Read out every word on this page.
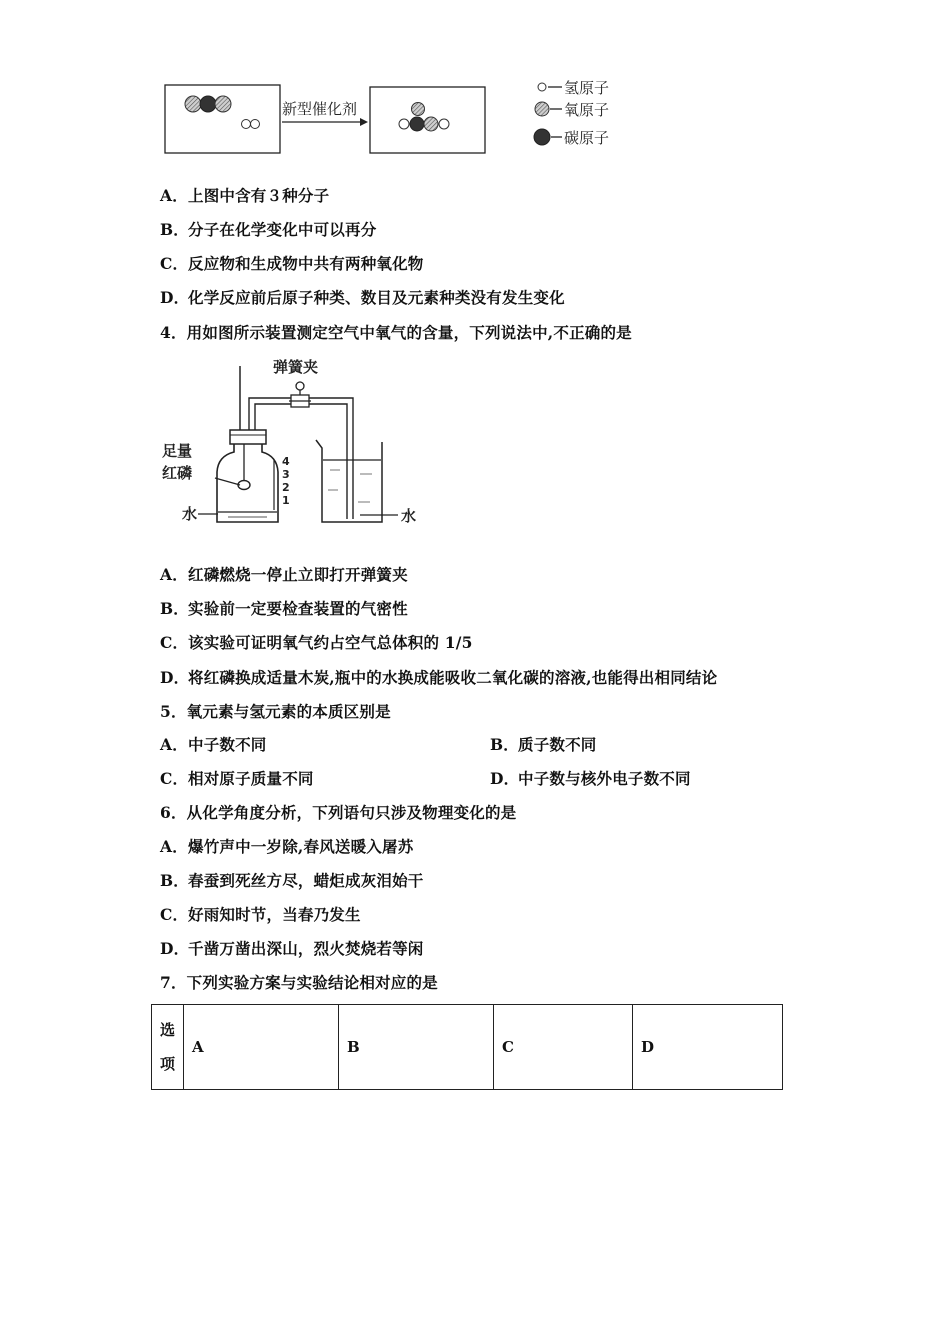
新型催化剂
氢原子
氧原子
碳原子
A．上图中含有３种分子
B．分子在化学变化中可以再分
C．反应物和生成物中共有两种氧化物
D．化学反应前后原子种类、数目及元素种类没有发生变化
4．用如图所示装置测定空气中氧气的含量，下列说法中,不正确的是
弹簧夹
4
3
2
1
足量
红磷
水	水
A．红磷燃烧一停止立即打开弹簧夹
B．实验前一定要检查装置的气密性
C．该实验可证明氧气约占空气总体积的 1/5
D．将红磷换成适量木炭,瓶中的水换成能吸收二氧化碳的溶液,也能得出相同结论
5．氧元素与氢元素的本质区别是
A．中子数不同	B．质子数不同
C．相对原子质量不同	D．中子数与核外电子数不同
6．从化学角度分析，下列语句只涉及物理变化的是
A．爆竹声中一岁除,春风送暖入屠苏
B．春蚕到死丝方尽，蜡炬成灰泪始干
C．好雨知时节，当春乃发生
D．千凿万凿出深山，烈火焚烧若等闲
7．下列实验方案与实验结论相对应的是
选
项	A	B	C	D
